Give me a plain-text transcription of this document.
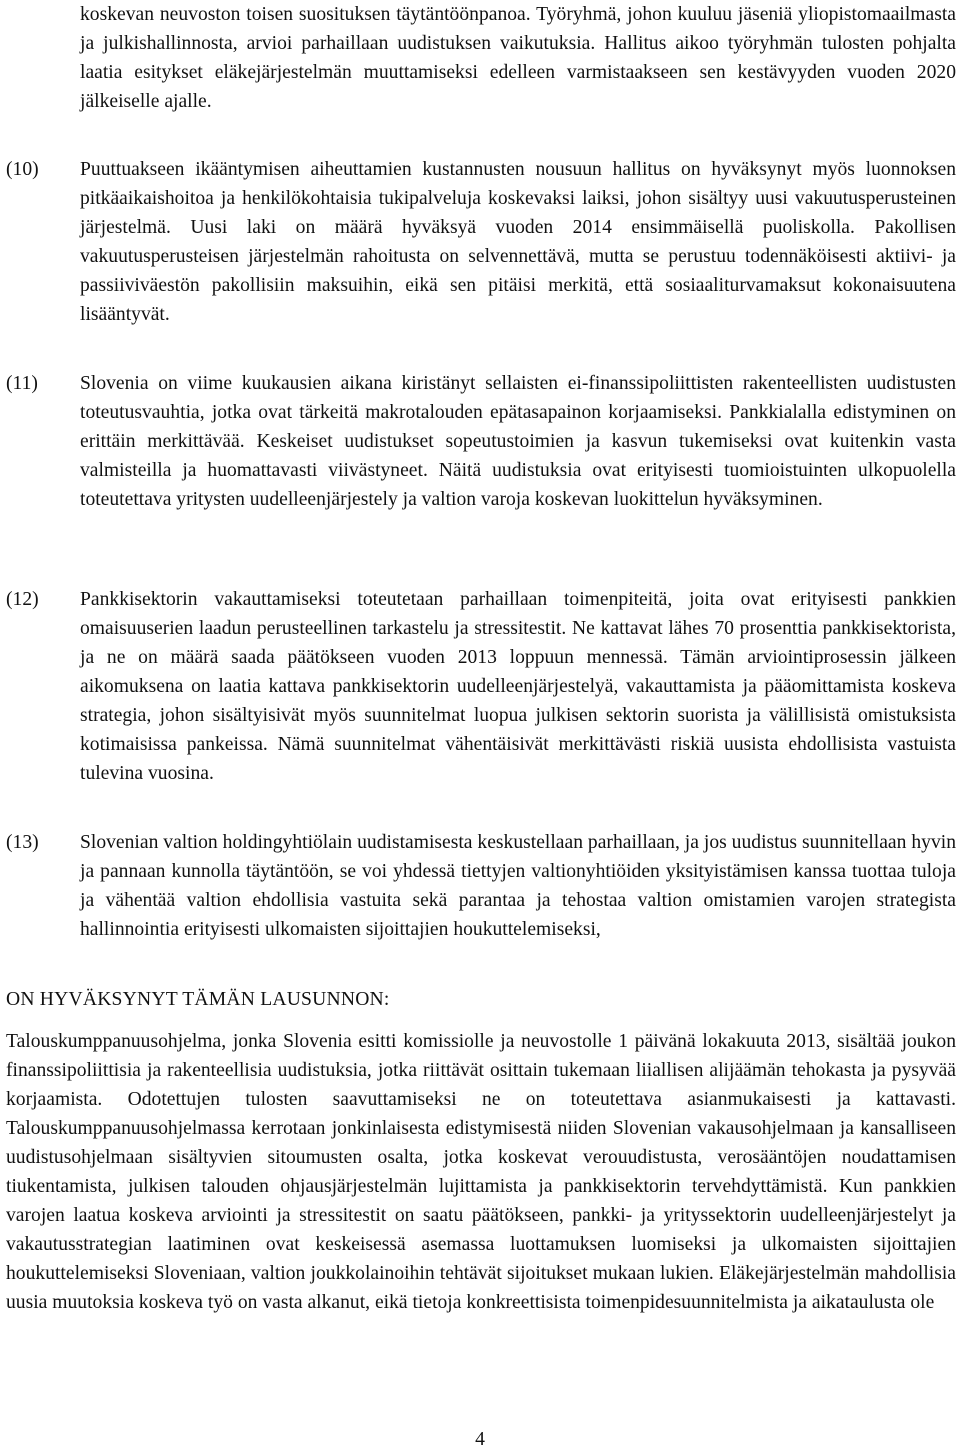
koskevan neuvoston toisen suosituksen täytäntöönpanoa. Työryhmä, johon kuuluu jäseniä yliopistomaailmasta ja julkishallinnosta, arvioi parhaillaan uudistuksen vaikutuksia. Hallitus aikoo työryhmän tulosten pohjalta laatia esitykset eläkejärjestelmän muuttamiseksi edelleen varmistaakseen sen kestävyyden vuoden 2020 jälkeiselle ajalle.

(10) Puuttuakseen ikääntymisen aiheuttamien kustannusten nousuun hallitus on hyväksynyt myös luonnoksen pitkäaikaishoitoa ja henkilökohtaisia tukipalveluja koskevaksi laiksi, johon sisältyy uusi vakuutusperusteinen järjestelmä. Uusi laki on määrä hyväksyä vuoden 2014 ensimmäisellä puoliskolla. Pakollisen vakuutusperusteisen järjestelmän rahoitusta on selvennettävä, mutta se perustuu todennäköisesti aktiivi- ja passiiviväestön pakollisiin maksuihin, eikä sen pitäisi merkitä, että sosiaaliturvamaksut kokonaisuutena lisääntyvät.

(11) Slovenia on viime kuukausien aikana kiristänyt sellaisten ei-finanssipoliittisten rakenteellisten uudistusten toteutusvauhtia, jotka ovat tärkeitä makrotalouden epätasapainon korjaamiseksi. Pankkialalla edistyminen on erittäin merkittävää. Keskeiset uudistukset sopeutustoimien ja kasvun tukemiseksi ovat kuitenkin vasta valmisteilla ja huomattavasti viivästyneet. Näitä uudistuksia ovat erityisesti tuomioistuinten ulkopuolella toteutettava yritysten uudelleenjärjestely ja valtion varoja koskevan luokittelun hyväksyminen.

(12) Pankkisektorin vakauttamiseksi toteutetaan parhaillaan toimenpiteitä, joita ovat erityisesti pankkien omaisuuserien laadun perusteellinen tarkastelu ja stressitestit. Ne kattavat lähes 70 prosenttia pankkisektorista, ja ne on määrä saada päätökseen vuoden 2013 loppuun mennessä. Tämän arviointiprosessin jälkeen aikomuksena on laatia kattava pankkisektorin uudelleenjärjestelyä, vakauttamista ja pääomittamista koskeva strategia, johon sisältyisivät myös suunnitelmat luopua julkisen sektorin suorista ja välillisistä omistuksista kotimaisissa pankeissa. Nämä suunnitelmat vähentäisivät merkittävästi riskiä uusista ehdollisista vastuista tulevina vuosina.

(13) Slovenian valtion holdingyhtiölain uudistamisesta keskustellaan parhaillaan, ja jos uudistus suunnitellaan hyvin ja pannaan kunnolla täytäntöön, se voi yhdessä tiettyjen valtionyhtiöiden yksityistämisen kanssa tuottaa tuloja ja vähentää valtion ehdollisia vastuita sekä parantaa ja tehostaa valtion omistamien varojen strategista hallinnointia erityisesti ulkomaisten sijoittajien houkuttelemiseksi,

ON HYVÄKSYNYT TÄMÄN LAUSUNNON:

Talouskumppanuusohjelma, jonka Slovenia esitti komissiolle ja neuvostolle 1 päivänä lokakuuta 2013, sisältää joukon finanssipoliittisia ja rakenteellisia uudistuksia, jotka riittävät osittain tukemaan liiallisen alijäämän tehokasta ja pysyvää korjaamista. Odotettujen tulosten saavuttamiseksi ne on toteutettava asianmukaisesti ja kattavasti. Talouskumppanuusohjelmassa kerrotaan jonkinlaisesta edistymisestä niiden Slovenian vakausohjelmaan ja kansalliseen uudistusohjelmaan sisältyvien sitoumusten osalta, jotka koskevat verouudistusta, verosääntöjen noudattamisen tiukentamista, julkisen talouden ohjausjärjestelmän lujittamista ja pankkisektorin tervehdyttämistä. Kun pankkien varojen laatua koskeva arviointi ja stressitestit on saatu päätökseen, pankki- ja yrityssektorin uudelleenjärjestelyt ja vakautusstrategian laatiminen ovat keskeisessä asemassa luottamuksen luomiseksi ja ulkomaisten sijoittajien houkuttelemiseksi Sloveniaan, valtion joukkolainoihin tehtävät sijoitukset mukaan lukien. Eläkejärjestelmän mahdollisia uusia muutoksia koskeva työ on vasta alkanut, eikä tietoja konkreettisista toimenpidesuunnitelmista ja aikataulusta ole

4
